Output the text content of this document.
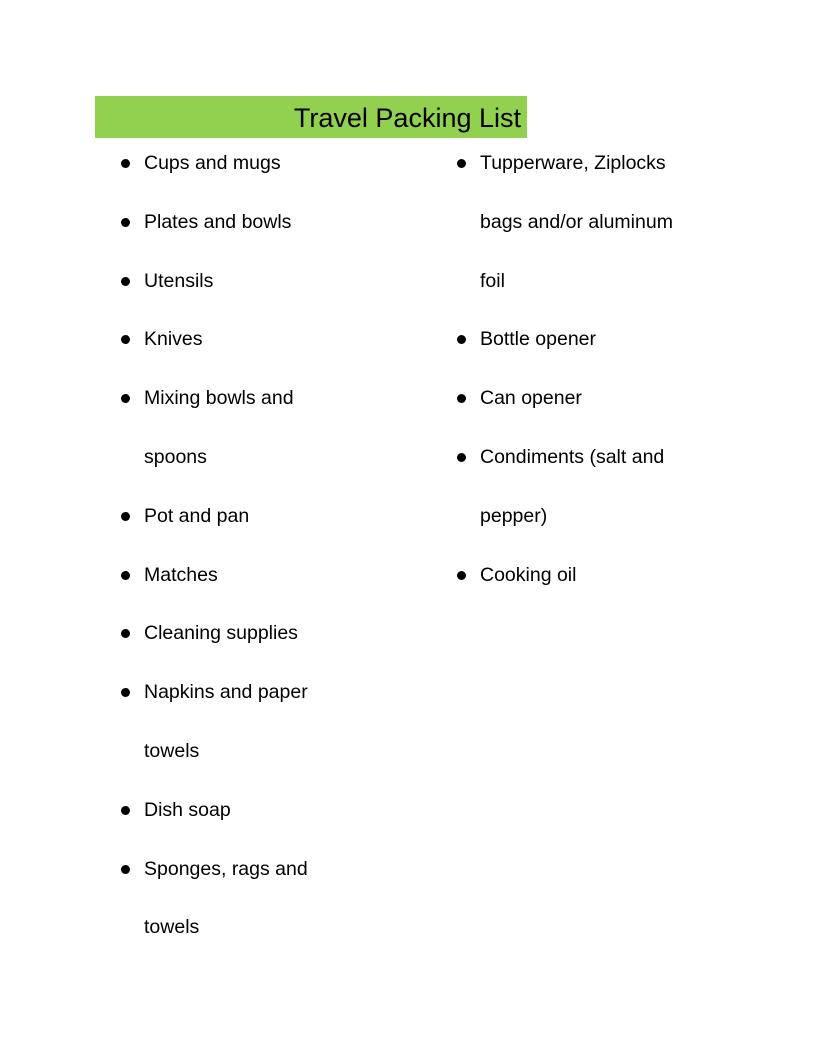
Travel Packing List
Cups and mugs
Plates and bowls
Utensils
Knives
Mixing bowls and
spoons
Pot and pan
Matches
Cleaning supplies
Napkins and paper
towels
Dish soap
Sponges, rags and
towels
Tupperware, Ziplocks
bags and/or aluminum
foil
Bottle opener
Can opener
Condiments (salt and
pepper)
Cooking oil
